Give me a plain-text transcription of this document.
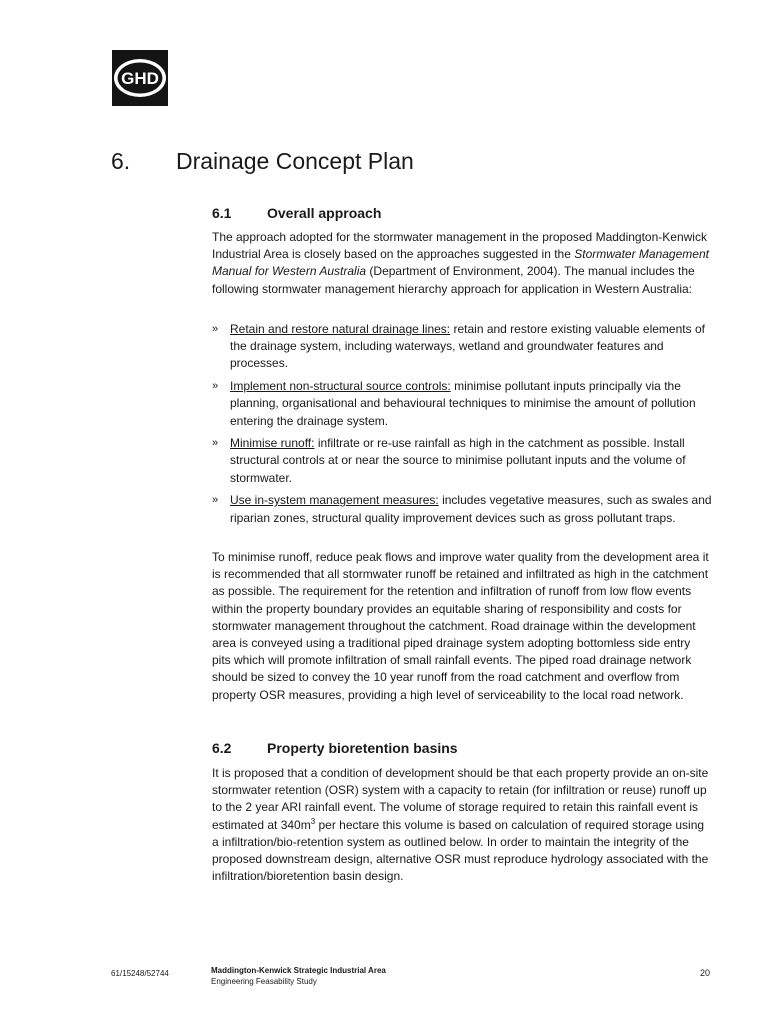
GHD
6. Drainage Concept Plan
6.1	Overall approach

The approach adopted for the stormwater management in the proposed Maddington-Kenwick Industrial Area is closely based on the approaches suggested in the Stormwater Management Manual for Western Australia (Department of Environment, 2004). The manual includes the following stormwater management hierarchy approach for application in Western Australia:

» Retain and restore natural drainage lines: retain and restore existing valuable elements of the drainage system, including waterways, wetland and groundwater features and processes.
» Implement non-structural source controls: minimise pollutant inputs principally via the planning, organisational and behavioural techniques to minimise the amount of pollution entering the drainage system.
» Minimise runoff: infiltrate or re-use rainfall as high in the catchment as possible. Install structural controls at or near the source to minimise pollutant inputs and the volume of stormwater.
» Use in-system management measures: includes vegetative measures, such as swales and riparian zones, structural quality improvement devices such as gross pollutant traps.

To minimise runoff, reduce peak flows and improve water quality from the development area it is recommended that all stormwater runoff be retained and infiltrated as high in the catchment as possible. The requirement for the retention and infiltration of runoff from low flow events within the property boundary provides an equitable sharing of responsibility and costs for stormwater management throughout the catchment. Road drainage within the development area is conveyed using a traditional piped drainage system adopting bottomless side entry pits which will promote infiltration of small rainfall events. The piped road drainage network should be sized to convey the 10 year runoff from the road catchment and overflow from property OSR measures, providing a high level of serviceability to the local road network.

6.2	Property bioretention basins

It is proposed that a condition of development should be that each property provide an on-site stormwater retention (OSR) system with a capacity to retain (for infiltration or reuse) runoff up to the 2 year ARI rainfall event. The volume of storage required to retain this rainfall event is estimated at $340m^3$ per hectare this volume is based on calculation of required storage using a infiltration/bio-retention system as outlined below. In order to maintain the integrity of the proposed downstream design, alternative OSR must reproduce hydrology associated with the infiltration/bioretention basin design.

61/15248/52744	Maddington-Kenwick Strategic Industrial Area
Engineering Feasability Study
20
